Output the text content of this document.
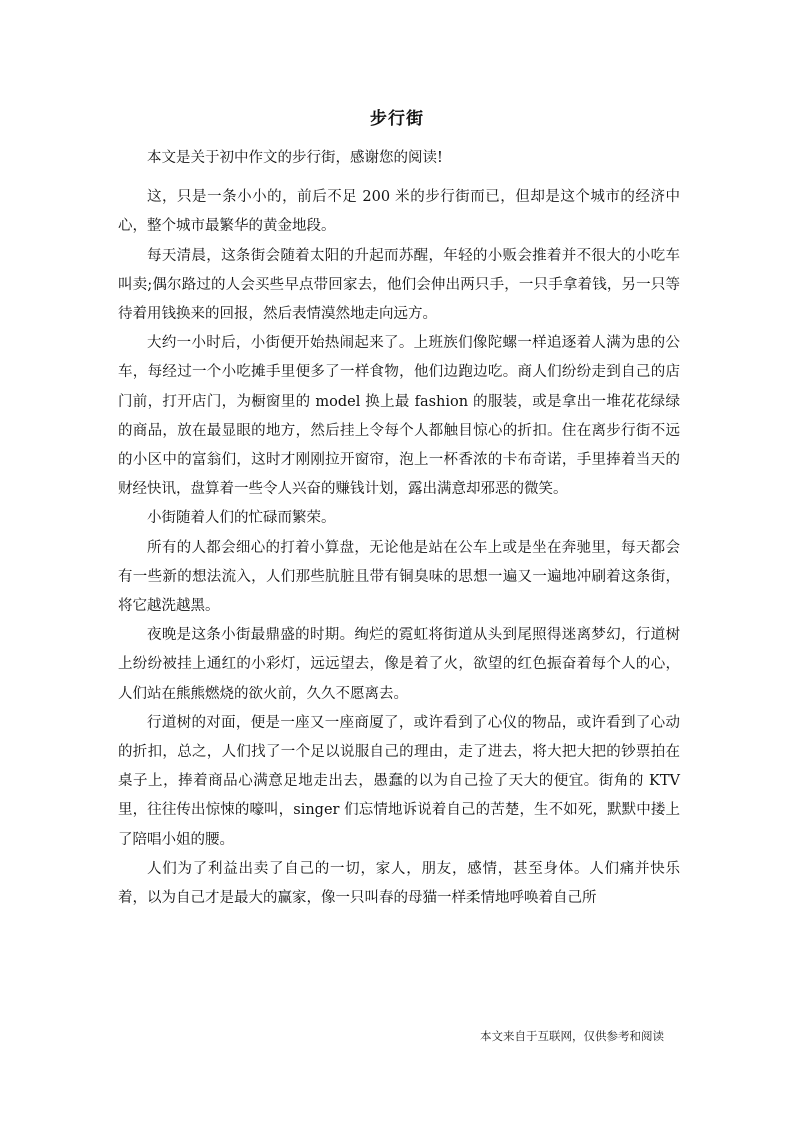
步行街

本文是关于初中作文的步行街，感谢您的阅读!

这，只是一条小小的，前后不足 200 米的步行街而已，但却是这个城市的经济中心，整个城市最繁华的黄金地段。

每天清晨，这条街会随着太阳的升起而苏醒，年轻的小贩会推着并不很大的小吃车叫卖;偶尔路过的人会买些早点带回家去，他们会伸出两只手，一只手拿着钱，另一只等待着用钱换来的回报，然后表情漠然地走向远方。

大约一小时后，小街便开始热闹起来了。上班族们像陀螺一样追逐着人满为患的公车，每经过一个小吃摊手里便多了一样食物，他们边跑边吃。商人们纷纷走到自己的店门前，打开店门，为橱窗里的 model 换上最 fashion 的服装，或是拿出一堆花花绿绿的商品，放在最显眼的地方，然后挂上令每个人都触目惊心的折扣。住在离步行街不远的小区中的富翁们，这时才刚刚拉开窗帘，泡上一杯香浓的卡布奇诺，手里捧着当天的财经快讯，盘算着一些令人兴奋的赚钱计划，露出满意却邪恶的微笑。

小街随着人们的忙碌而繁荣。

所有的人都会细心的打着小算盘，无论他是站在公车上或是坐在奔驰里，每天都会有一些新的想法流入，人们那些肮脏且带有铜臭味的思想一遍又一遍地冲刷着这条街，将它越洗越黑。

夜晚是这条小街最鼎盛的时期。绚烂的霓虹将街道从头到尾照得迷离梦幻，行道树上纷纷被挂上通红的小彩灯，远远望去，像是着了火，欲望的红色振奋着每个人的心，人们站在熊熊燃烧的欲火前，久久不愿离去。

行道树的对面，便是一座又一座商厦了，或许看到了心仪的物品，或许看到了心动的折扣，总之，人们找了一个足以说服自己的理由，走了进去，将大把大把的钞票拍在桌子上，捧着商品心满意足地走出去，愚蠢的以为自己捡了天大的便宜。街角的 KTV 里，往往传出惊悚的嚎叫，singer 们忘情地诉说着自己的苦楚，生不如死，默默中搂上了陪唱小姐的腰。

人们为了利益出卖了自己的一切，家人，朋友，感情，甚至身体。人们痛并快乐着，以为自己才是最大的赢家，像一只叫春的母猫一样柔情地呼唤着自己所

本文来自于互联网，仅供参考和阅读
